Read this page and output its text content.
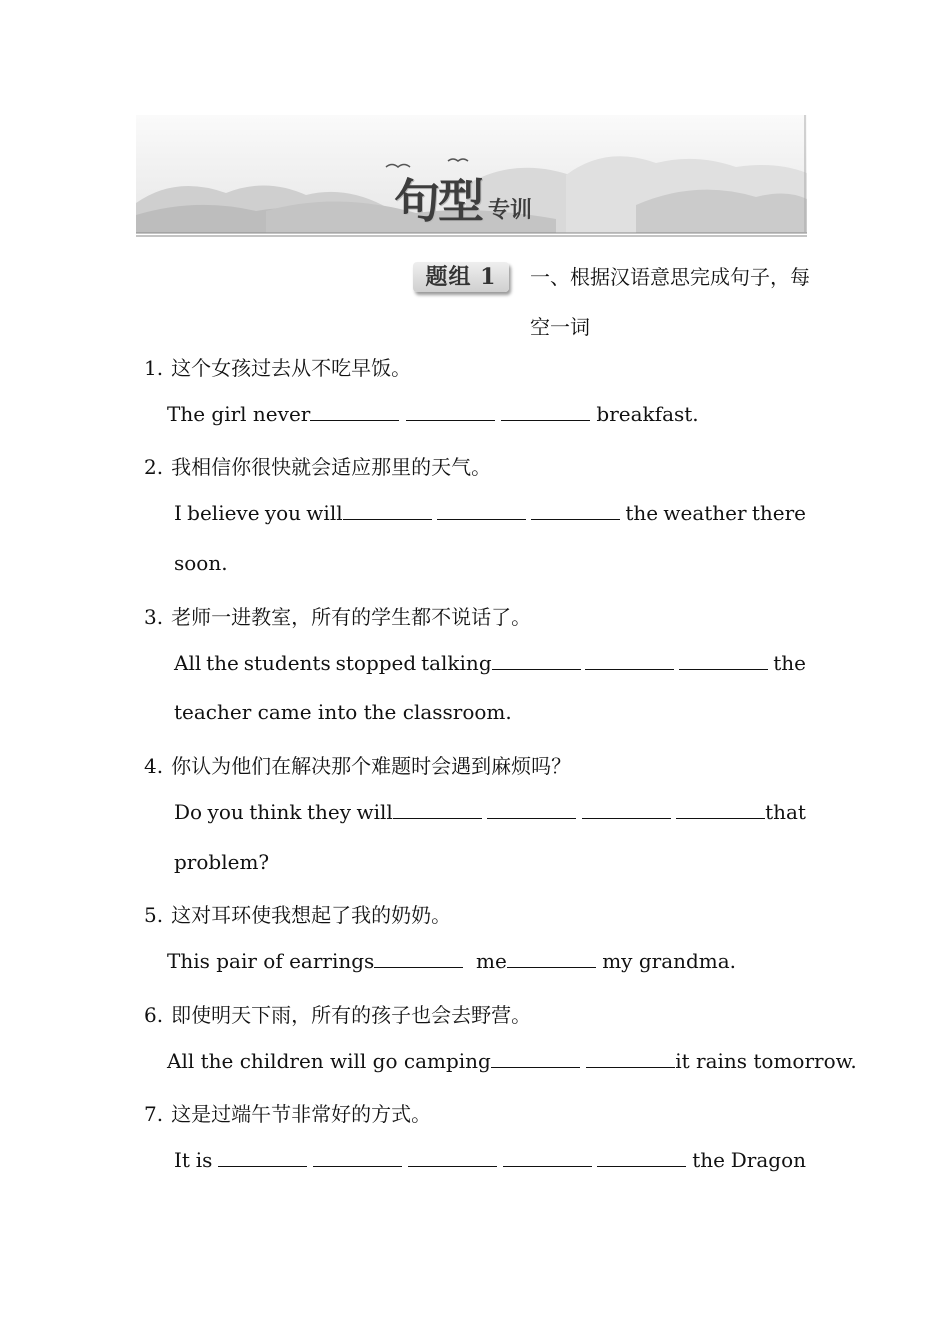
句型 专训
题组 1	一、根据汉语意思完成句子，每空一词
1. 这个女孩过去从不吃早饭。
The girl never	breakfast.
2. 我相信你很快就会适应那里的天气。
I believe you will	the weather there
soon.
3. 老师一进教室，所有的学生都不说话了。
All the students stopped talking	the
teacher came into the classroom.
4. 你认为他们在解决那个难题时会遇到麻烦吗？
Do you think they will	that
problem?
5. 这对耳环使我想起了我的奶奶。
This pair of earrings	me	my grandma.
6. 即使明天下雨，所有的孩子也会去野营。
All the children will go camping	it rains tomorrow.
7. 这是过端午节非常好的方式。
It is	the Dragon
